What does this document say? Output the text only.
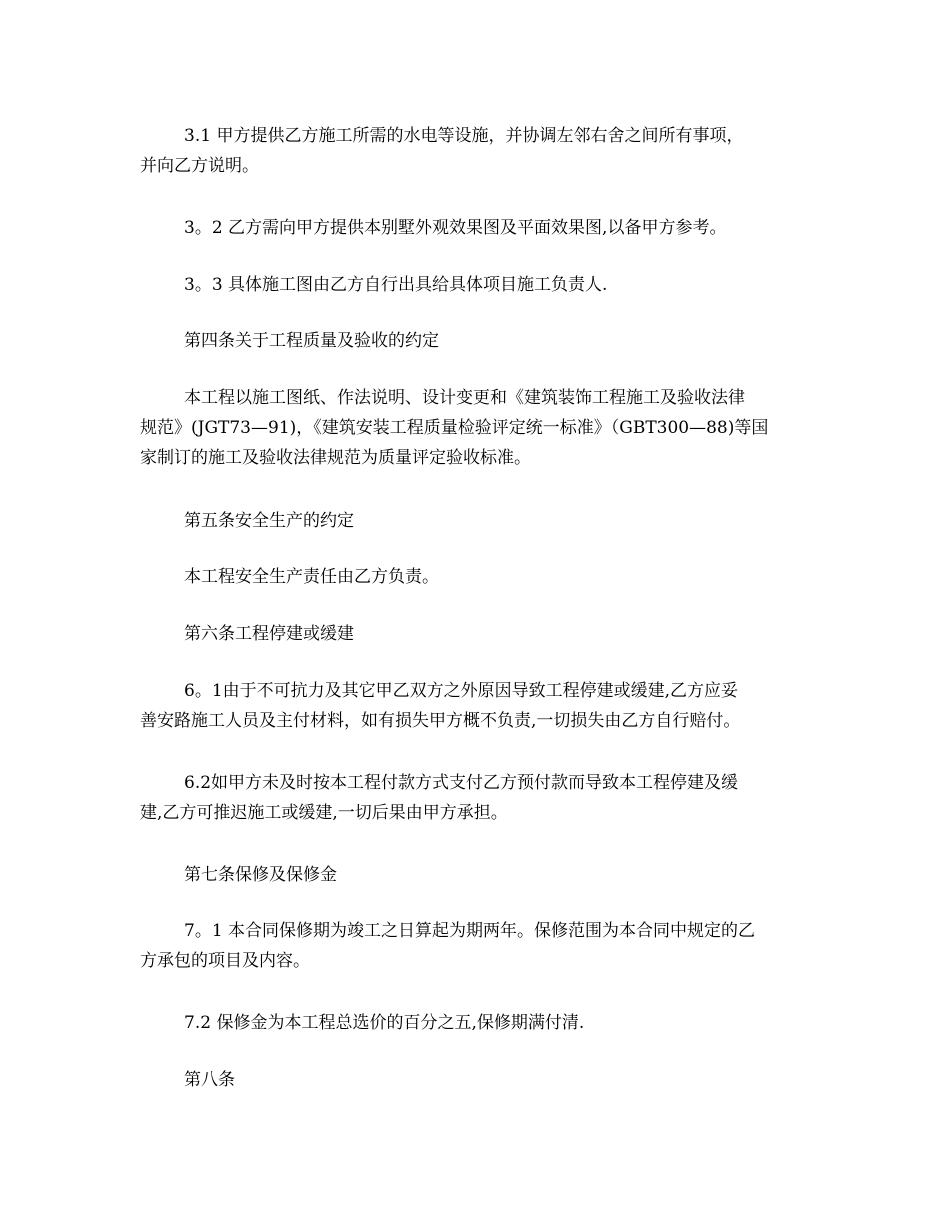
3.1 甲方提供乙方施工所需的水电等设施，并协调左邻右舍之间所有事项，
并向乙方说明。

3。2 乙方需向甲方提供本别墅外观效果图及平面效果图,以备甲方参考。

3。3 具体施工图由乙方自行出具给具体项目施工负责人.

第四条关于工程质量及验收的约定

本工程以施工图纸、作法说明、设计变更和《建筑装饰工程施工及验收法律
规范》(JGT73—91)，《建筑安装工程质量检验评定统一标准》（GBT300—88)等国
家制订的施工及验收法律规范为质量评定验收标准。

第五条安全生产的约定

本工程安全生产责任由乙方负责。

第六条工程停建或缓建

6。1由于不可抗力及其它甲乙双方之外原因导致工程停建或缓建,乙方应妥
善安路施工人员及主付材料，如有损失甲方概不负责,一切损失由乙方自行赔付。

6.2如甲方未及时按本工程付款方式支付乙方预付款而导致本工程停建及缓
建,乙方可推迟施工或缓建,一切后果由甲方承担。

第七条保修及保修金

7。1 本合同保修期为竣工之日算起为期两年。保修范围为本合同中规定的乙
方承包的项目及内容。

7.2 保修金为本工程总选价的百分之五,保修期满付清.

第八条
